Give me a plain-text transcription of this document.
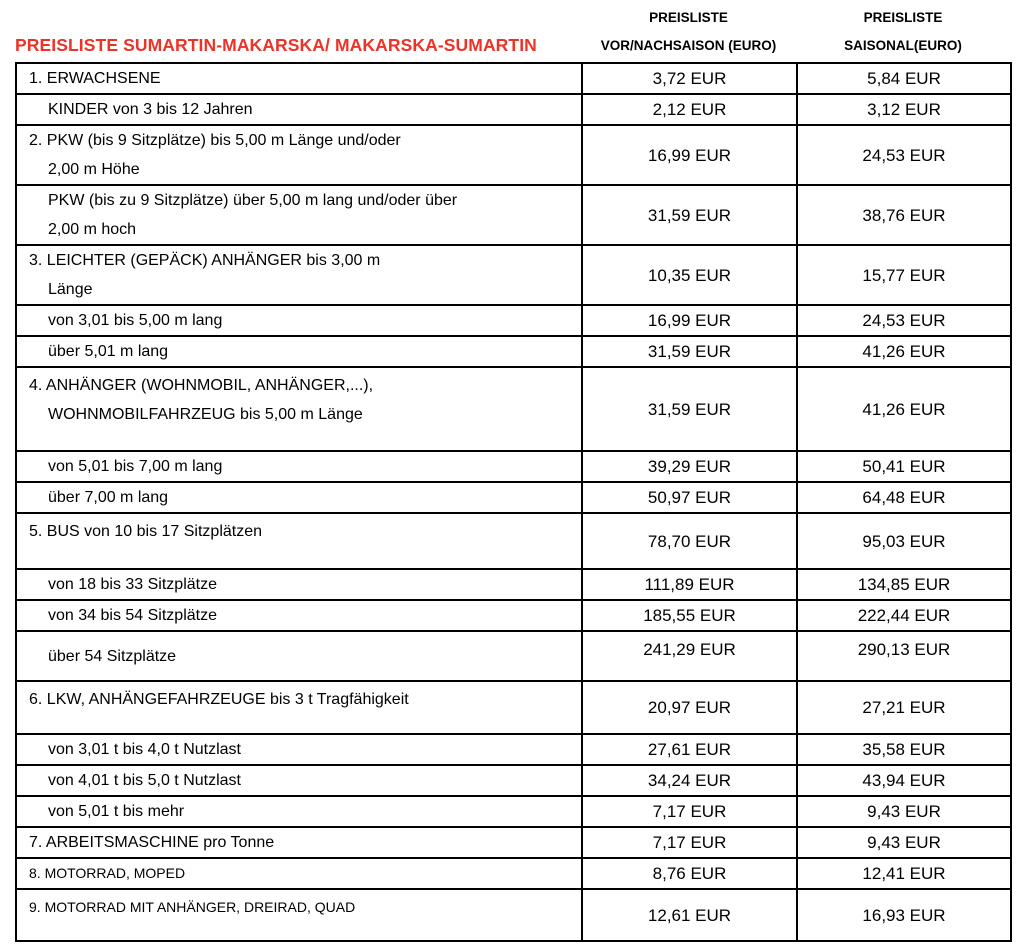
PREISLISTE SUMARTIN-MAKARSKA/ MAKARSKA-SUMARTIN
PREISLISTE
VOR/NACHSAISON (EURO)
PREISLISTE
SAISONAL(EURO)
1. ERWACHSENE	3,72 EUR	5,84 EUR

KINDER von 3 bis 12 Jahren	2,12 EUR	3,12 EUR

2. PKW (bis 9 Sitzplätze) bis 5,00 m Länge und/oder
2,00 m Höhe	16,99 EUR	24,53 EUR

PKW (bis zu 9 Sitzplätze) über 5,00 m lang und/oder über
2,00 m hoch	31,59 EUR	38,76 EUR

3. LEICHTER (GEPÄCK) ANHÄNGER bis 3,00 m
Länge	10,35 EUR	15,77 EUR

von 3,01 bis 5,00 m lang	16,99 EUR	24,53 EUR

über 5,01 m lang	31,59 EUR	41,26 EUR

4. ANHÄNGER (WOHNMOBIL, ANHÄNGER,...),
WOHNMOBILFAHRZEUG bis 5,00 m Länge	31,59 EUR	41,26 EUR

von 5,01 bis 7,00 m lang	39,29 EUR	50,41 EUR

über 7,00 m lang	50,97 EUR	64,48 EUR

5. BUS von 10 bis 17 Sitzplätzen	78,70 EUR	95,03 EUR

von 18 bis 33 Sitzplätze	111,89 EUR	134,85 EUR

von 34 bis 54 Sitzplätze	185,55 EUR	222,44 EUR

über 54 Sitzplätze	241,29 EUR	290,13 EUR

6. LKW, ANHÄNGEFAHRZEUGE bis 3 t Tragfähigkeit	20,97 EUR	27,21 EUR

von 3,01 t bis 4,0 t Nutzlast	27,61 EUR	35,58 EUR

von 4,01 t bis 5,0 t Nutzlast	34,24 EUR	43,94 EUR

von 5,01 t bis mehr	7,17 EUR	9,43 EUR

7. ARBEITSMASCHINE pro Tonne	7,17 EUR	9,43 EUR

8. MOTORRAD, MOPED	8,76 EUR	12,41 EUR

9. MOTORRAD MIT ANHÄNGER, DREIRAD, QUAD	12,61 EUR	16,93 EUR
